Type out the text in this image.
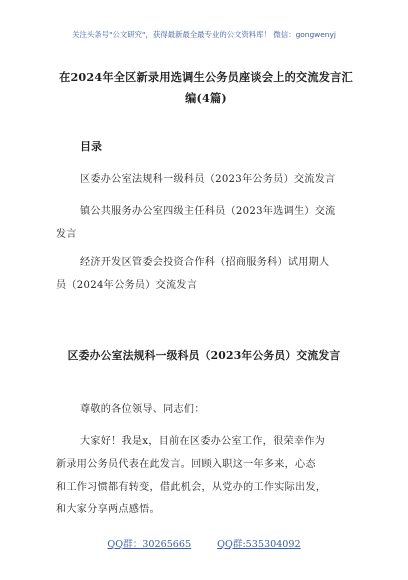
关注头条号"公文研究"，获得最新最全最专业的公文资料库！ 微信：gongwenyj
在2024年全区新录用选调生公务员座谈会上的交流发言汇
编(4篇)
目录
区委办公室法规科一级科员（2023年公务员）交流发言
镇公共服务办公室四级主任科员（2023年选调生）交流
发言
经济开发区管委会投资合作科（招商服务科）试用期人
员（2024年公务员）交流发言
区委办公室法规科一级科员（2023年公务员）交流发言
尊敬的各位领导、同志们：
大家好！我是x，目前在区委办公室工作，很荣幸作为
新录用公务员代表在此发言。回顾入职这一年多来，心态
和工作习惯都有转变，借此机会，从党办的工作实际出发，
和大家分享两点感悟。
QQ群：30265665	QQ群:535304092
